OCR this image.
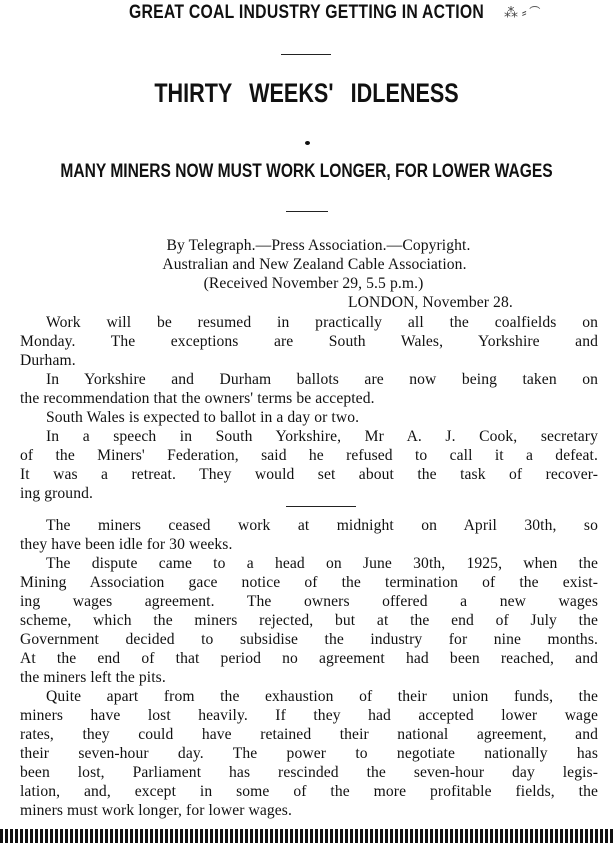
GREAT COAL INDUSTRY GETTING IN ACTION	⁂ ⸗ ͡
THIRTY WEEKS' IDLENESS
MANY MINERS NOW MUST WORK LONGER, FOR LOWER WAGES
By Telegraph.—Press Association.—Copyright.
Australian and New Zealand Cable Association.
(Received November 29, 5.5 p.m.)
LONDON, November 28.
Work will be resumed in practically all the coalfields on
Monday. The exceptions are South Wales, Yorkshire and
Durham.
In Yorkshire and Durham ballots are now being taken on
the recommendation that the owners' terms be accepted.
South Wales is expected to ballot in a day or two.
In a speech in South Yorkshire, Mr A. J. Cook, secretary
of the Miners' Federation, said he refused to call it a defeat.
It was a retreat. They would set about the task of recover-
ing ground.
The miners ceased work at midnight on April 30th, so
they have been idle for 30 weeks.
The dispute came to a head on June 30th, 1925, when the
Mining Association gace notice of the termination of the exist-
ing wages agreement. The owners offered a new wages
scheme, which the miners rejected, but at the end of July the
Government decided to subsidise the industry for nine months.
At the end of that period no agreement had been reached, and
the miners left the pits.
Quite apart from the exhaustion of their union funds, the
miners have lost heavily. If they had accepted lower wage
rates, they could have retained their national agreement, and
their seven-hour day. The power to negotiate nationally has
been lost, Parliament has rescinded the seven-hour day legis-
lation, and, except in some of the more profitable fields, the
miners must work longer, for lower wages.
